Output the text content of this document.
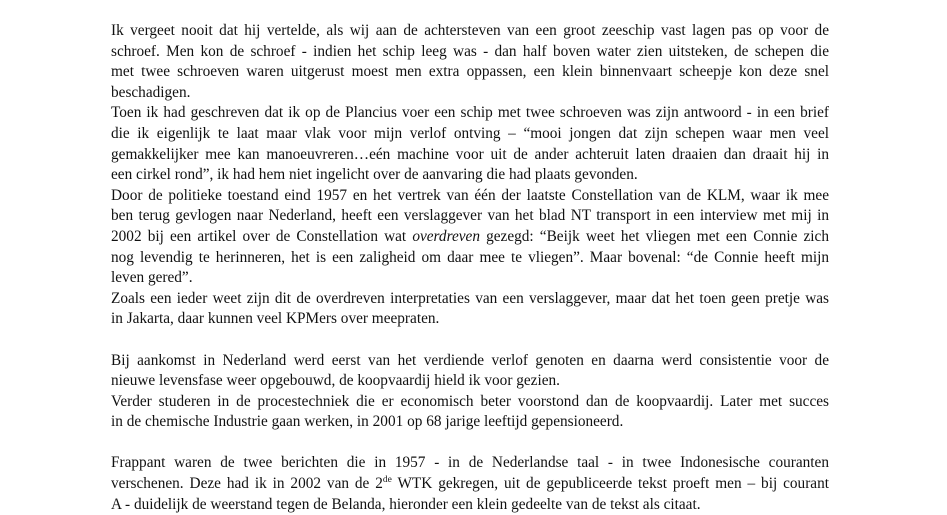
Ik vergeet nooit dat hij vertelde, als wij aan de achtersteven van een groot zeeschip vast lagen pas op voor de
schroef. Men kon de schroef - indien het schip leeg was - dan half boven water zien uitsteken, de schepen die
met twee schroeven waren uitgerust moest men extra oppassen, een klein binnenvaart scheepje kon deze snel
beschadigen.
Toen ik had geschreven dat ik op de Plancius voer een schip met twee schroeven was zijn antwoord - in een brief
die ik eigenlijk te laat maar vlak voor mijn verlof ontving – “mooi jongen dat zijn schepen waar men veel
gemakkelijker mee kan manoeuvreren…eén machine voor uit de ander achteruit laten draaien dan draait hij in
een cirkel rond”, ik had hem niet ingelicht over de aanvaring die had plaats gevonden.
Door de politieke toestand eind 1957 en het vertrek van één der laatste Constellation van de KLM, waar ik mee
ben terug gevlogen naar Nederland, heeft een verslaggever van het blad NT transport in een interview met mij in
2002 bij een artikel over de Constellation wat overdreven gezegd: “Beijk weet het vliegen met een Connie zich
nog levendig te herinneren, het is een zaligheid om daar mee te vliegen”. Maar bovenal: “de Connie heeft mijn
leven gered”.
Zoals een ieder weet zijn dit de overdreven interpretaties van een verslaggever, maar dat het toen geen pretje was
in Jakarta, daar kunnen veel KPMers over meepraten.
Bij aankomst in Nederland werd eerst van het verdiende verlof genoten en daarna werd consistentie voor de
nieuwe levensfase weer opgebouwd, de koopvaardij hield ik voor gezien.
Verder studeren in de procestechniek die er economisch beter voorstond dan de koopvaardij. Later met succes
in de chemische Industrie gaan werken, in 2001 op 68 jarige leeftijd gepensioneerd.
Frappant waren de twee berichten die in 1957 - in de Nederlandse taal - in twee Indonesische couranten
verschenen. Deze had ik in 2002 van de 2de WTK gekregen, uit de gepubliceerde tekst proeft men – bij courant
A - duidelijk de weerstand tegen de Belanda, hieronder een klein gedeelte van de tekst als citaat.
